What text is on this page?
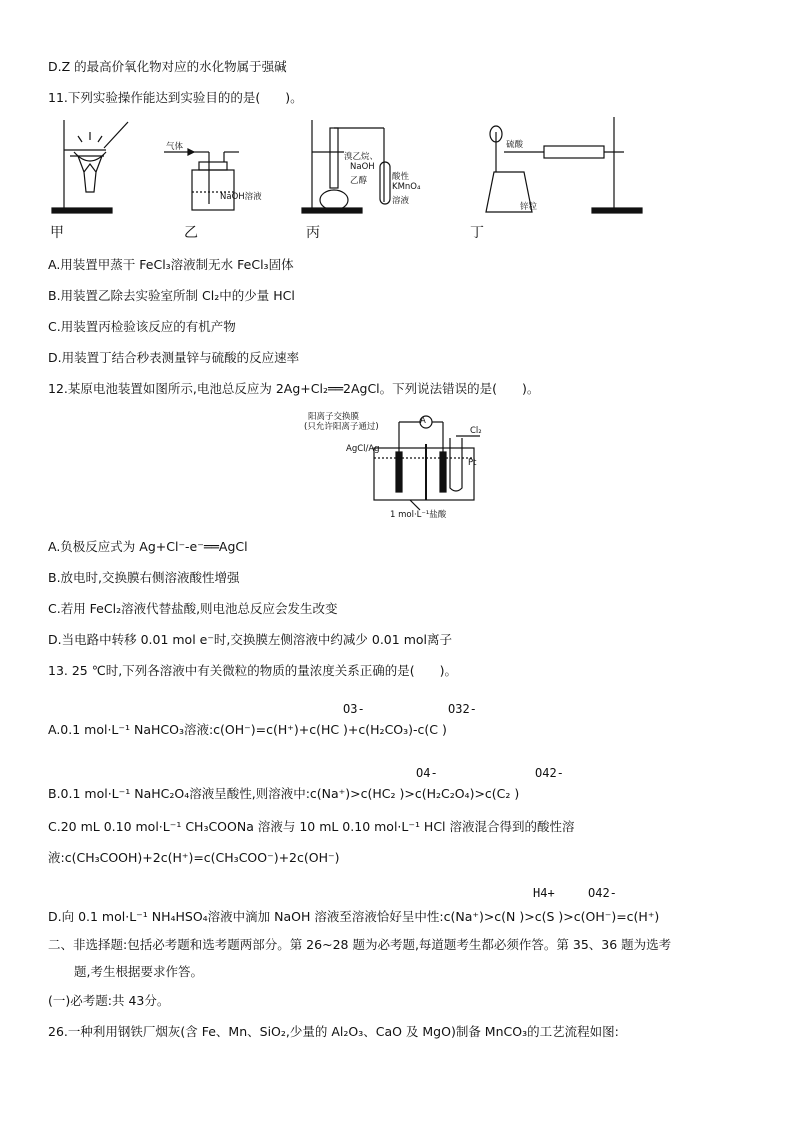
D.Z 的最高价氧化物对应的水化物属于强碱
11.下列实验操作能达到实验目的的是(　　)。
气体
NaOH溶液
溴乙烷、
NaOH
乙醇	酸性
KMnO₄
溶液
硫酸
锌粒
甲	乙	丙	丁
A.用装置甲蒸干 FeCl₃溶液制无水 FeCl₃固体
B.用装置乙除去实验室所制 Cl₂中的少量 HCl
C.用装置丙检验该反应的有机产物
D.用装置丁结合秒表测量锌与硫酸的反应速率
12.某原电池装置如图所示,电池总反应为 2Ag+Cl₂══2AgCl。下列说法错误的是(　　)。
A
阳离子交换膜
(只允许阳离子通过)	Cl₂
AgCl/Ag
Pt
1 mol·L⁻¹盐酸
A.负极反应式为 Ag+Cl⁻-e⁻══AgCl
B.放电时,交换膜右侧溶液酸性增强
C.若用 FeCl₂溶液代替盐酸,则电池总反应会发生改变
D.当电路中转移 0.01 mol e⁻时,交换膜左侧溶液中约减少 0.01 mol离子
13. 25 ℃时,下列各溶液中有关微粒的物质的量浓度关系正确的是(　　)。
A.0.1 mol·L⁻¹ NaHCO₃溶液:c(OH⁻)=c(H⁺)+c(HC )+c(H₂CO₃)-c(C )
O3-	O32-
B.0.1 mol·L⁻¹ NaHC₂O₄溶液呈酸性,则溶液中:c(Na⁺)>c(HC₂ )>c(H₂C₂O₄)>c(C₂ )
O4-	O42-
C.20 mL 0.10 mol·L⁻¹ CH₃COONa 溶液与 10 mL 0.10 mol·L⁻¹ HCl 溶液混合得到的酸性溶
液:c(CH₃COOH)+2c(H⁺)=c(CH₃COO⁻)+2c(OH⁻)
D.向 0.1 mol·L⁻¹ NH₄HSO₄溶液中滴加 NaOH 溶液至溶液恰好呈中性:c(Na⁺)>c(N )>c(S )>c(OH⁻)=c(H⁺)
H4+	O42-
二、非选择题:包括必考题和选考题两部分。第 26~28 题为必考题,每道题考生都必须作答。第 35、36 题为选考
题,考生根据要求作答。
(一)必考题:共 43分。
26.一种利用钢铁厂烟灰(含 Fe、Mn、SiO₂,少量的 Al₂O₃、CaO 及 MgO)制备 MnCO₃的工艺流程如图:
